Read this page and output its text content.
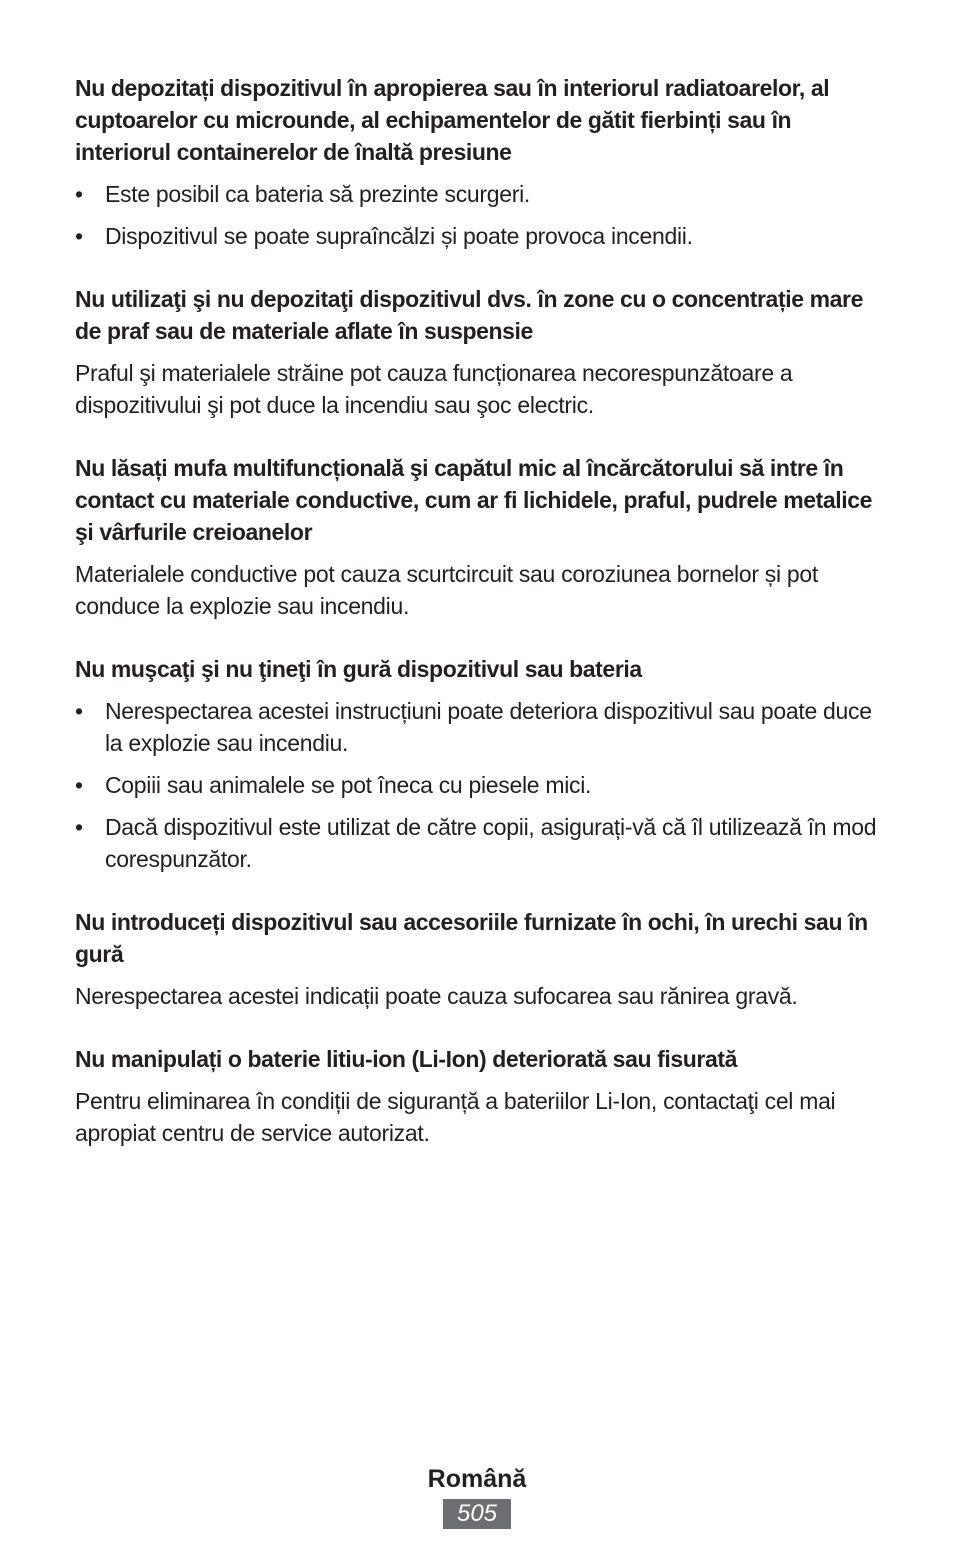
Nu depozitați dispozitivul în apropierea sau în interiorul radiatoarelor, al cuptoarelor cu microunde, al echipamentelor de gătit fierbinți sau în interiorul containerelor de înaltă presiune

• Este posibil ca bateria să prezinte scurgeri.
• Dispozitivul se poate supraîncălzi și poate provoca incendii.

Nu utilizaţi şi nu depozitaţi dispozitivul dvs. în zone cu o concentrație mare de praf sau de materiale aflate în suspensie

Praful şi materialele străine pot cauza funcționarea necorespunzătoare a dispozitivului şi pot duce la incendiu sau şoc electric.

Nu lăsați mufa multifuncțională şi capătul mic al încărcătorului să intre în contact cu materiale conductive, cum ar fi lichidele, praful, pudrele metalice şi vârfurile creioanelor

Materialele conductive pot cauza scurtcircuit sau coroziunea bornelor și pot conduce la explozie sau incendiu.

Nu muşcaţi şi nu ţineţi în gură dispozitivul sau bateria

• Nerespectarea acestei instrucțiuni poate deteriora dispozitivul sau poate duce la explozie sau incendiu.
• Copiii sau animalele se pot îneca cu piesele mici.
• Dacă dispozitivul este utilizat de către copii, asigurați-vă că îl utilizează în mod corespunzător.

Nu introduceți dispozitivul sau accesoriile furnizate în ochi, în urechi sau în gură

Nerespectarea acestei indicații poate cauza sufocarea sau rănirea gravă.

Nu manipulați o baterie litiu-ion (Li-Ion) deteriorată sau fisurată

Pentru eliminarea în condiții de siguranță a bateriilor Li-Ion, contactaţi cel mai apropiat centru de service autorizat.

Română

505
